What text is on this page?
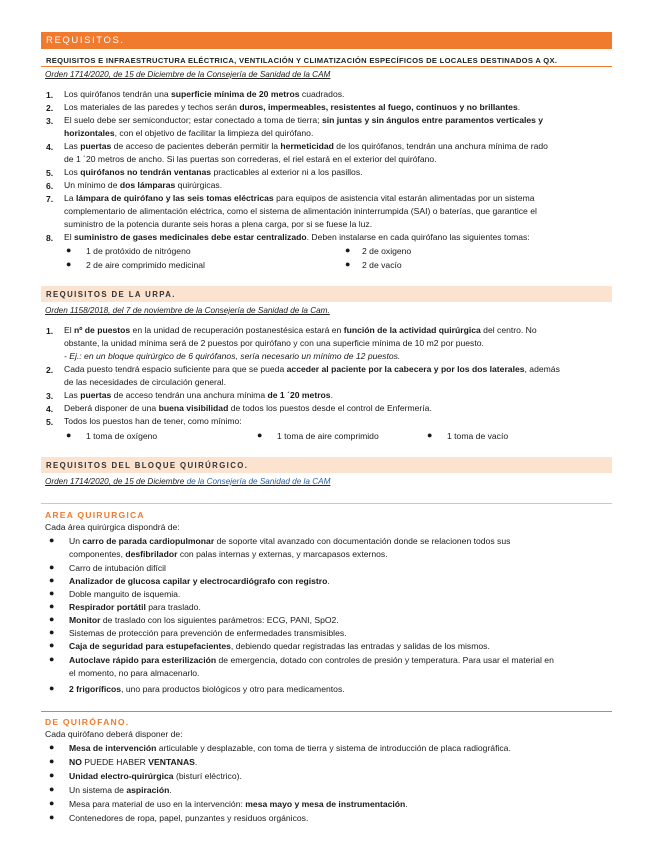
REQUISITOS.
REQUISITOS E INFRAESTRUCTURA ELÉCTRICA, VENTILACIÓN Y CLIMATIZACIÓN ESPECÍFICOS DE LOCALES DESTINADOS A QX.
Orden 1714/2020, de 15 de Diciembre de la Consejería de Sanidad de la CAM
1. Los quirófanos tendrán una superficie mínima de 20 metros cuadrados.
2. Los materiales de las paredes y techos serán duros, impermeables, resistentes al fuego, continuos y no brillantes.
3. El suelo debe ser semiconductor; estar conectado a toma de tierra; sin juntas y sin ángulos entre paramentos verticales y
horizontales, con el objetivo de facilitar la limpieza del quirófano.
4. Las puertas de acceso de pacientes deberán permitir la hermeticidad de los quirófanos, tendrán una anchura mínima de rado
de 1 ´20 metros de ancho. Si las puertas son correderas, el riel estará en el exterior del quirófano.
5. Los quirófanos no tendrán ventanas practicables al exterior ni a los pasillos.
6. Un mínimo de dos lámparas quirúrgicas.
7. La lámpara de quirófano y las seis tomas eléctricas para equipos de asistencia vital estarán alimentadas por un sistema
complementario de alimentación eléctrica, como el sistema de alimentación ininterrumpida (SAI) o baterías, que garantice el
suministro de la potencia durante seis horas a plena carga, por si se fuese la luz.
8. El suministro de gases medicinales debe estar centralizado. Deben instalarse en cada quirófano las siguientes tomas:
● 1 de protóxido de nitrógeno	● 2 de oxigeno
● 2 de aire comprimido medicinal	● 2 de vacío
REQUISITOS DE LA URPA.
Orden 1158/2018, del 7 de noviembre de la Consejería de Sanidad de la Cam.
1. El nº de puestos en la unidad de recuperación postanestésica estará en función de la actividad quirúrgica del centro. No
obstante, la unidad mínima será de 2 puestos por quirófano y con una superficie mínima de 10 m2 por puesto.
- Ej.: en un bloque quirúrgico de 6 quirófanos, sería necesario un mínimo de 12 puestos.
2. Cada puesto tendrá espacio suficiente para que se pueda acceder al paciente por la cabecera y por los dos laterales, además
de las necesidades de circulación general.
3. Las puertas de acceso tendrán una anchura mínima de 1 ´20 metros.
4. Deberá disponer de una buena visibilidad de todos los puestos desde el control de Enfermería.
5. Todos los puestos han de tener, como mínimo:
● 1 toma de oxígeno	● 1 toma de aire comprimido	● 1 toma de vacío
REQUISITOS DEL BLOQUE QUIRÚRGICO.
Orden 1714/2020, de 15 de Diciembre de la Consejería de Sanidad de la CAM
AREA QUIRURGICA
Cada área quirúrgica dispondrá de:
● Un carro de parada cardiopulmonar de soporte vital avanzado con documentación donde se relacionen todos sus
componentes, desfibrilador con palas internas y externas, y marcapasos externos.
● Carro de intubación difícil
● Analizador de glucosa capilar y electrocardiógrafo con registro.
● Doble manguito de isquemia.
● Respirador portátil para traslado.
● Monitor de traslado con los siguientes parámetros: ECG, PANI, SpO2.
● Sistemas de protección para prevención de enfermedades transmisibles.
● Caja de seguridad para estupefacientes, debiendo quedar registradas las entradas y salidas de los mismos.
● Autoclave rápido para esterilización de emergencia, dotado con controles de presión y temperatura. Para usar el material en
el momento, no para almacenarlo.
● 2 frigoríficos, uno para productos biológicos y otro para medicamentos.
DE QUIRÓFANO.
Cada quirófano deberá disponer de:
● Mesa de intervención articulable y desplazable, con toma de tierra y sistema de introducción de placa radiográfica.
● NO PUEDE HABER VENTANAS.
● Unidad electro-quirúrgica (bisturí eléctrico).
● Un sistema de aspiración.
● Mesa para material de uso en la intervención: mesa mayo y mesa de instrumentación.
● Contenedores de ropa, papel, punzantes y residuos orgánicos.
